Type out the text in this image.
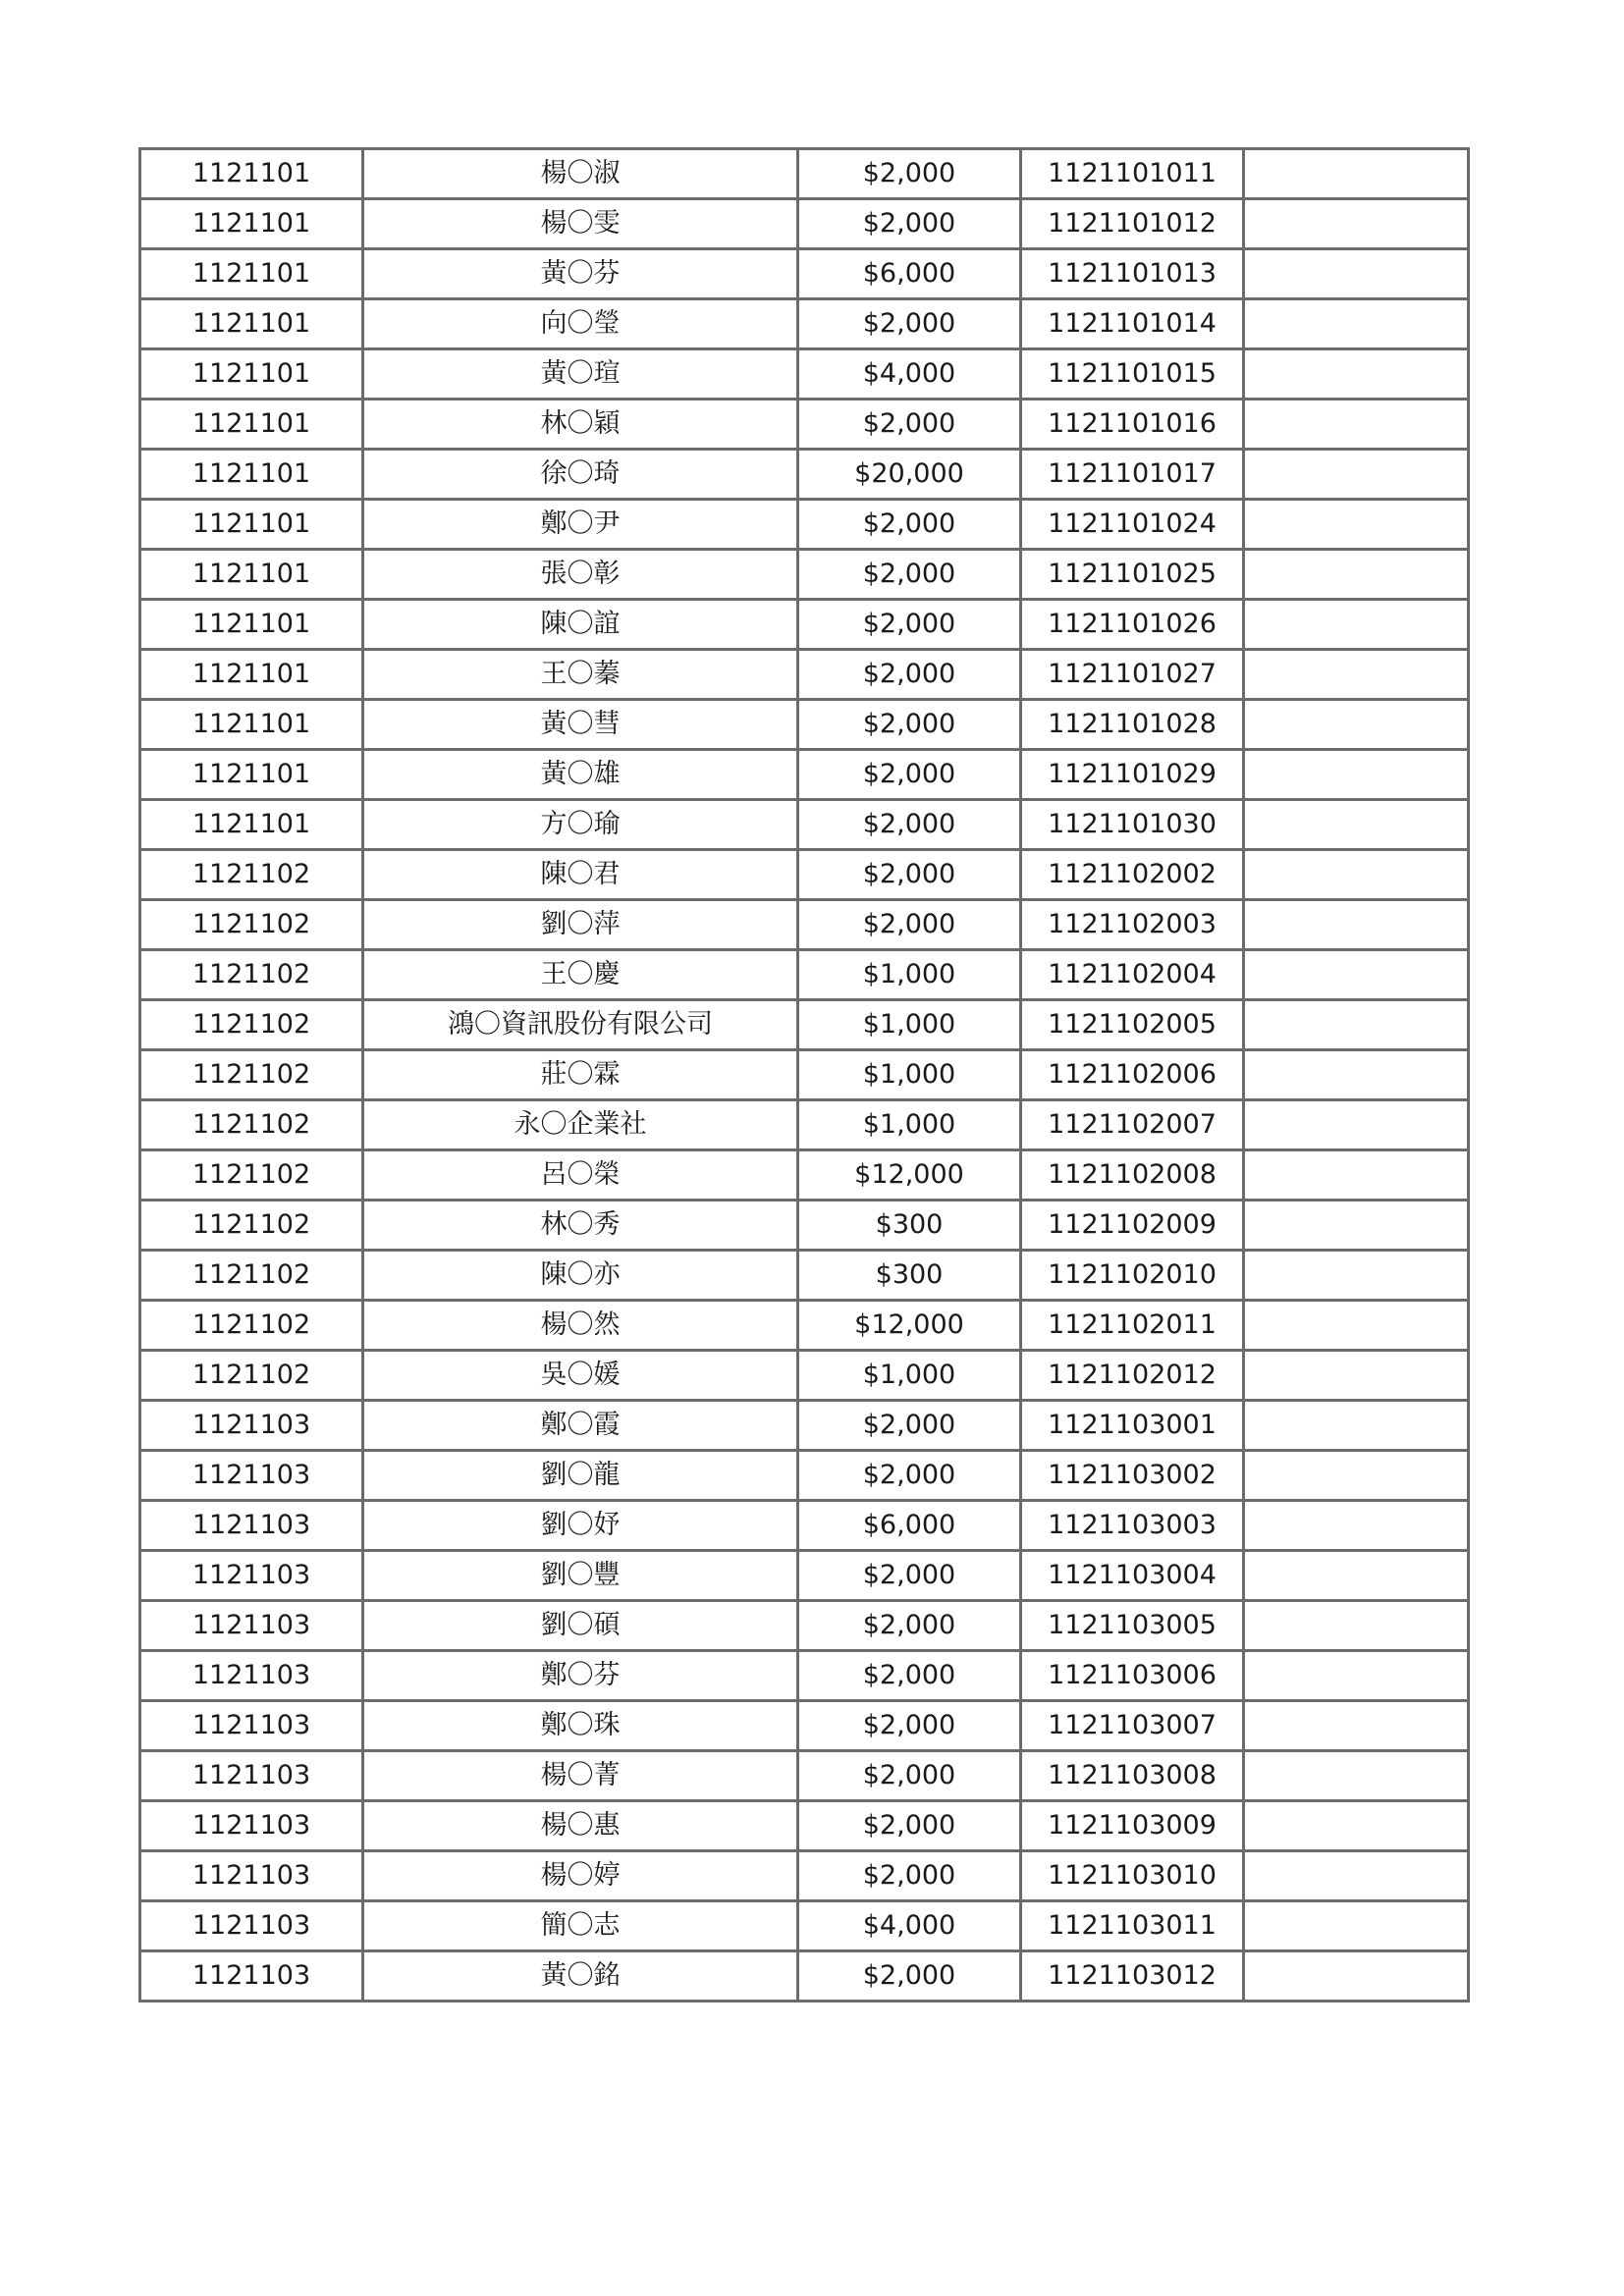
1121101	楊〇淑	$2,000	1121101011	
1121101	楊〇雯	$2,000	1121101012	
1121101	黃〇芬	$6,000	1121101013	
1121101	向〇瑩	$2,000	1121101014	
1121101	黃〇瑄	$4,000	1121101015	
1121101	林〇穎	$2,000	1121101016	
1121101	徐〇琦	$20,000	1121101017	
1121101	鄭〇尹	$2,000	1121101024	
1121101	張〇彰	$2,000	1121101025	
1121101	陳〇誼	$2,000	1121101026	
1121101	王〇蓁	$2,000	1121101027	
1121101	黃〇彗	$2,000	1121101028	
1121101	黃〇雄	$2,000	1121101029	
1121101	方〇瑜	$2,000	1121101030	
1121102	陳〇君	$2,000	1121102002	
1121102	劉〇萍	$2,000	1121102003	
1121102	王〇慶	$1,000	1121102004	
1121102	鴻〇資訊股份有限公司	$1,000	1121102005	
1121102	莊〇霖	$1,000	1121102006	
1121102	永〇企業社	$1,000	1121102007	
1121102	呂〇榮	$12,000	1121102008	
1121102	林〇秀	$300	1121102009	
1121102	陳〇亦	$300	1121102010	
1121102	楊〇然	$12,000	1121102011	
1121102	吳〇媛	$1,000	1121102012	
1121103	鄭〇霞	$2,000	1121103001	
1121103	劉〇龍	$2,000	1121103002	
1121103	劉〇妤	$6,000	1121103003	
1121103	劉〇豐	$2,000	1121103004	
1121103	劉〇碩	$2,000	1121103005	
1121103	鄭〇芬	$2,000	1121103006	
1121103	鄭〇珠	$2,000	1121103007	
1121103	楊〇菁	$2,000	1121103008	
1121103	楊〇惠	$2,000	1121103009	
1121103	楊〇婷	$2,000	1121103010	
1121103	簡〇志	$4,000	1121103011	
1121103	黃〇銘	$2,000	1121103012	
